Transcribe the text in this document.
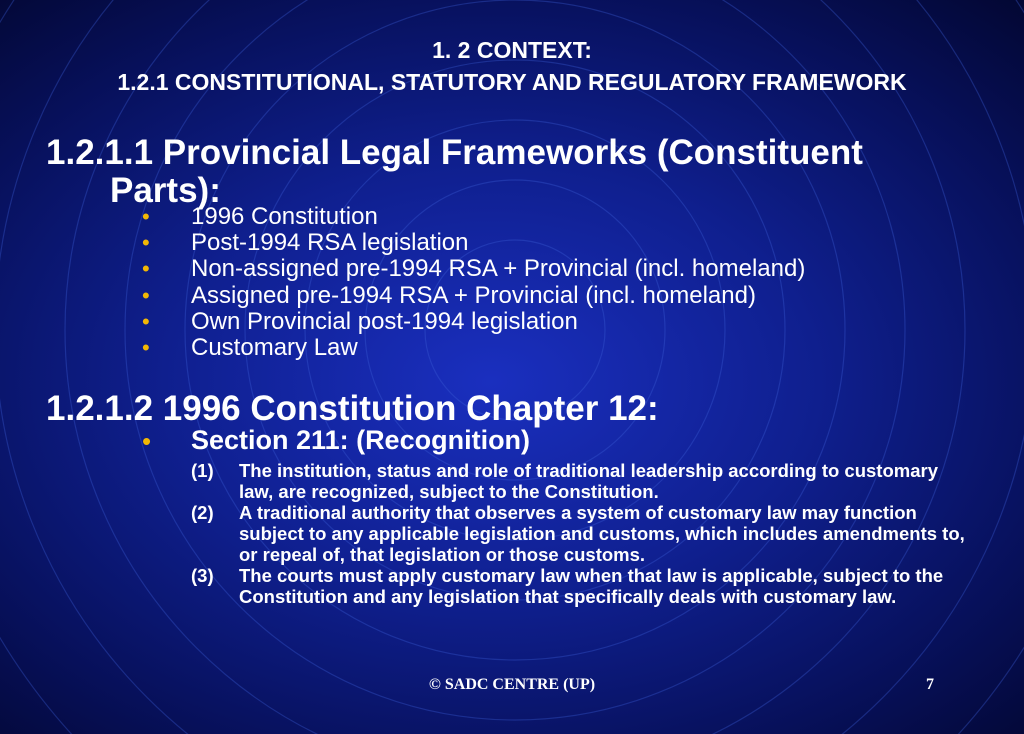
1. 2 CONTEXT:
1.2.1 CONSTITUTIONAL, STATUTORY AND REGULATORY FRAMEWORK
1.2.1.1 Provincial Legal Frameworks (Constituent
Parts):
• 1996 Constitution
• Post-1994 RSA legislation
• Non-assigned pre-1994 RSA + Provincial (incl. homeland)
• Assigned pre-1994 RSA + Provincial (incl. homeland)
• Own Provincial post-1994 legislation
• Customary Law
1.2.1.2 1996 Constitution Chapter 12:
• Section 211: (Recognition)
(1) The institution, status and role of traditional leadership according to customary law, are recognized, subject to the Constitution.
(2) A traditional authority that observes a system of customary law may function subject to any applicable legislation and customs, which includes amendments to, or repeal of, that legislation or those customs.
(3) The courts must apply customary law when that law is applicable, subject to the Constitution and any legislation that specifically deals with customary law.
© SADC CENTRE (UP)	7
